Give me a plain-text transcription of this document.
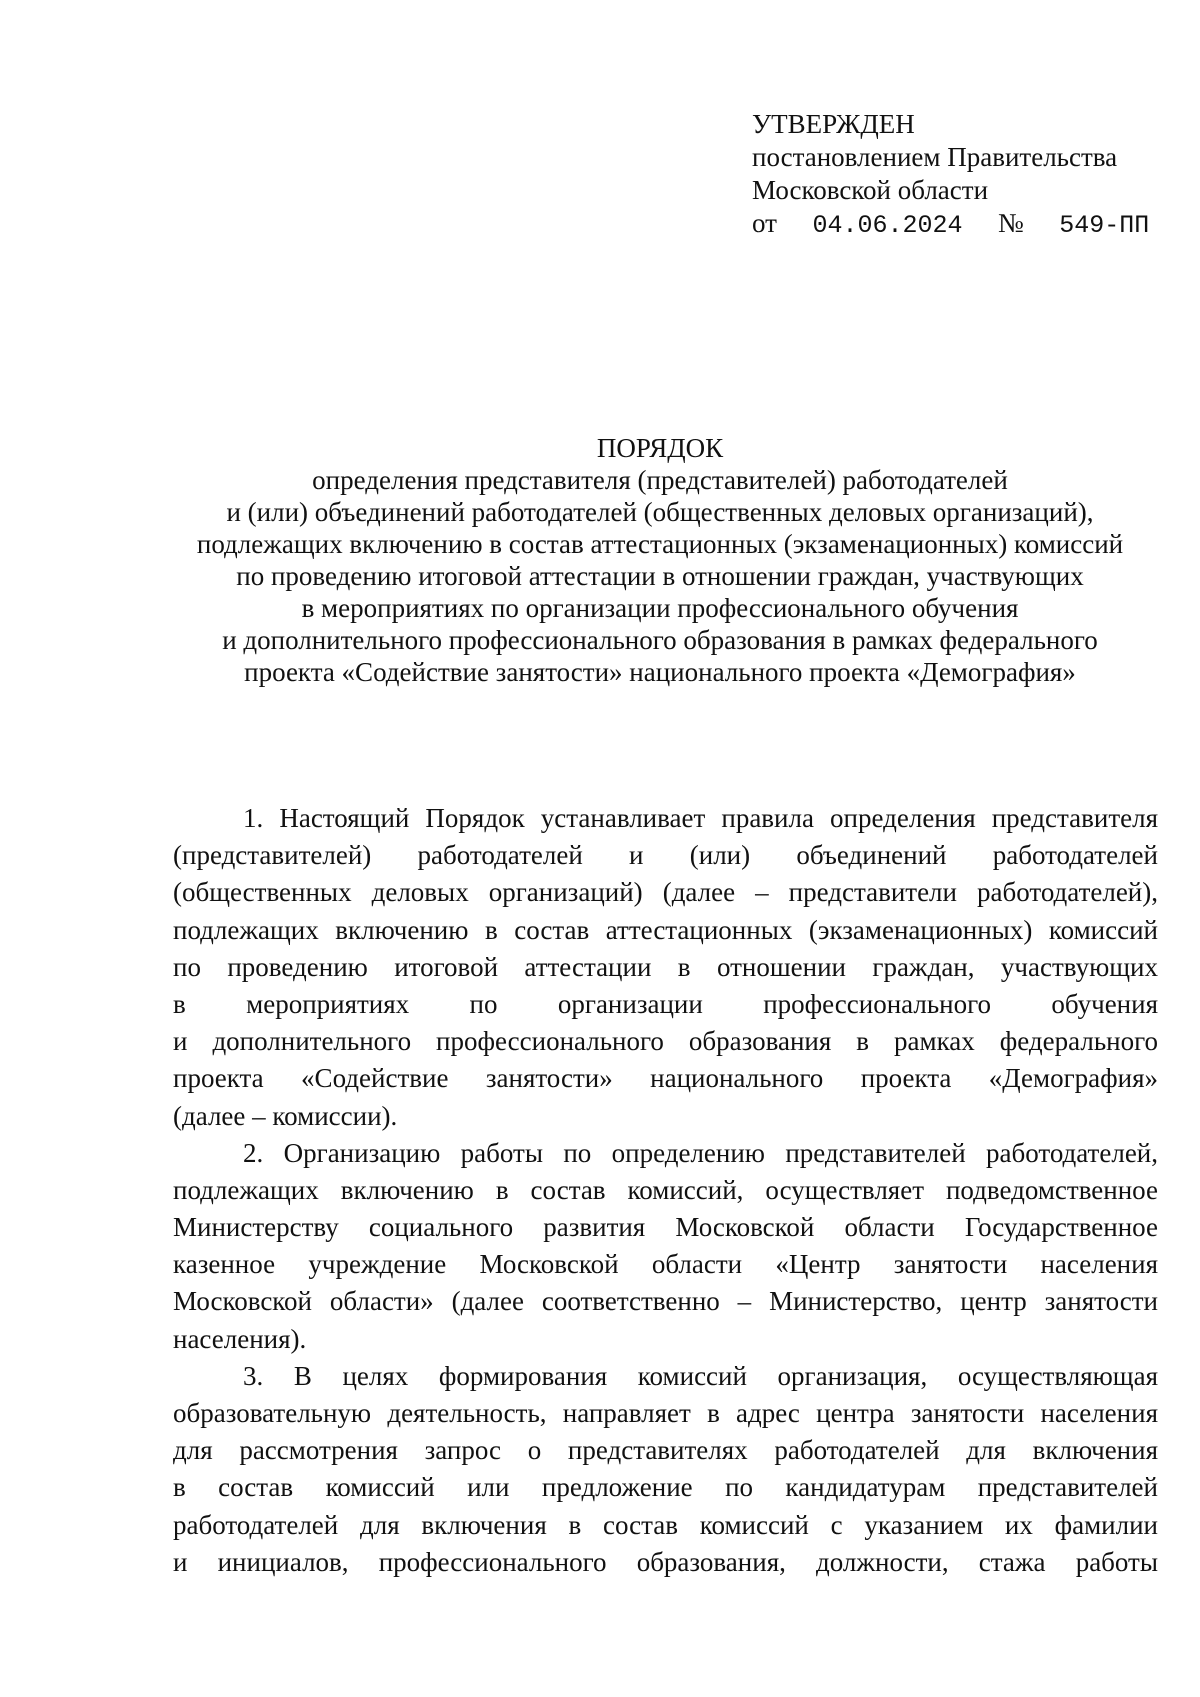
УТВЕРЖДЕН
постановлением Правительства
Московской области
от 04.06.2024 № 549-ПП
ПОРЯДОК
определения представителя (представителей) работодателей
и (или) объединений работодателей (общественных деловых организаций),
подлежащих включению в состав аттестационных (экзаменационных) комиссий
по проведению итоговой аттестации в отношении граждан, участвующих
в мероприятиях по организации профессионального обучения
и дополнительного профессионального образования в рамках федерального
проекта «Содействие занятости» национального проекта «Демография»
1. Настоящий Порядок устанавливает правила определения представителя
(представителей) работодателей и (или) объединений работодателей
(общественных деловых организаций) (далее – представители работодателей),
подлежащих включению в состав аттестационных (экзаменационных) комиссий
по проведению итоговой аттестации в отношении граждан, участвующих
в мероприятиях по организации профессионального обучения
и дополнительного профессионального образования в рамках федерального
проекта «Содействие занятости» национального проекта «Демография»
(далее – комиссии).
2. Организацию работы по определению представителей работодателей,
подлежащих включению в состав комиссий, осуществляет подведомственное
Министерству социального развития Московской области Государственное
казенное учреждение Московской области «Центр занятости населения
Московской области» (далее соответственно – Министерство, центр занятости
населения).
3. В целях формирования комиссий организация, осуществляющая
образовательную деятельность, направляет в адрес центра занятости населения
для рассмотрения запрос о представителях работодателей для включения
в состав комиссий или предложение по кандидатурам представителей
работодателей для включения в состав комиссий с указанием их фамилии
и инициалов, профессионального образования, должности, стажа работы
